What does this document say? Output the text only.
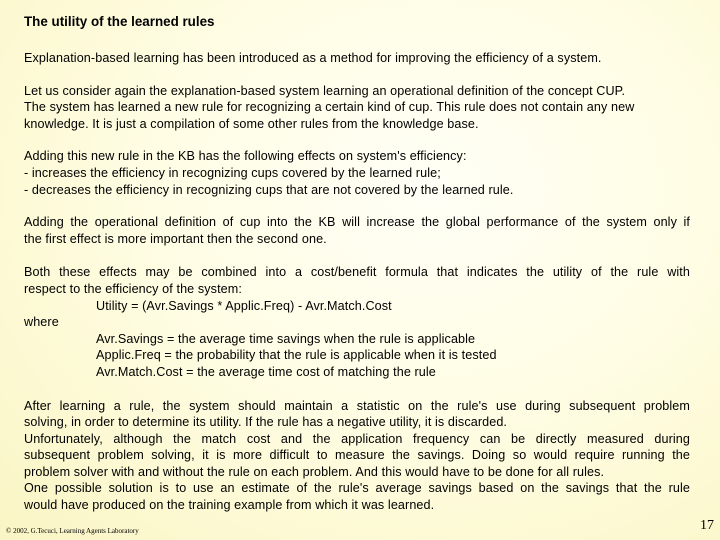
The utility of the learned rules

Explanation-based learning has been introduced as a method for improving the efficiency of a system.

Let us consider again the explanation-based system learning an operational definition of the concept CUP.
The system has learned a new rule for recognizing a certain kind of cup. This rule does not contain any new
knowledge. It is just a compilation of some other rules from the knowledge base.

Adding this new rule in the KB has the following effects on system's efficiency:
- increases the efficiency in recognizing cups covered by the learned rule;
- decreases the efficiency in recognizing cups that are not covered by the learned rule.

Adding the operational definition of cup into the KB will increase the global performance of the system only if
the first effect is more important then the second one.

Both these effects may be combined into a cost/benefit formula that indicates the utility of the rule with
respect to the efficiency of the system:
Utility = (Avr.Savings * Applic.Freq) - Avr.Match.Cost
where
Avr.Savings = the average time savings when the rule is applicable
Applic.Freq = the probability that the rule is applicable when it is tested
Avr.Match.Cost = the average time cost of matching the rule

After learning a rule, the system should maintain a statistic on the rule's use during subsequent problem
solving, in order to determine its utility. If the rule has a negative utility, it is discarded.
Unfortunately, although the match cost and the application frequency can be directly measured during
subsequent problem solving, it is more difficult to measure the savings. Doing so would require running the
problem solver with and without the rule on each problem. And this would have to be done for all rules.
One possible solution is to use an estimate of the rule's average savings based on the savings that the rule
would have produced on the training example from which it was learned.

© 2002, G.Tecuci, Learning Agents Laboratory	17
